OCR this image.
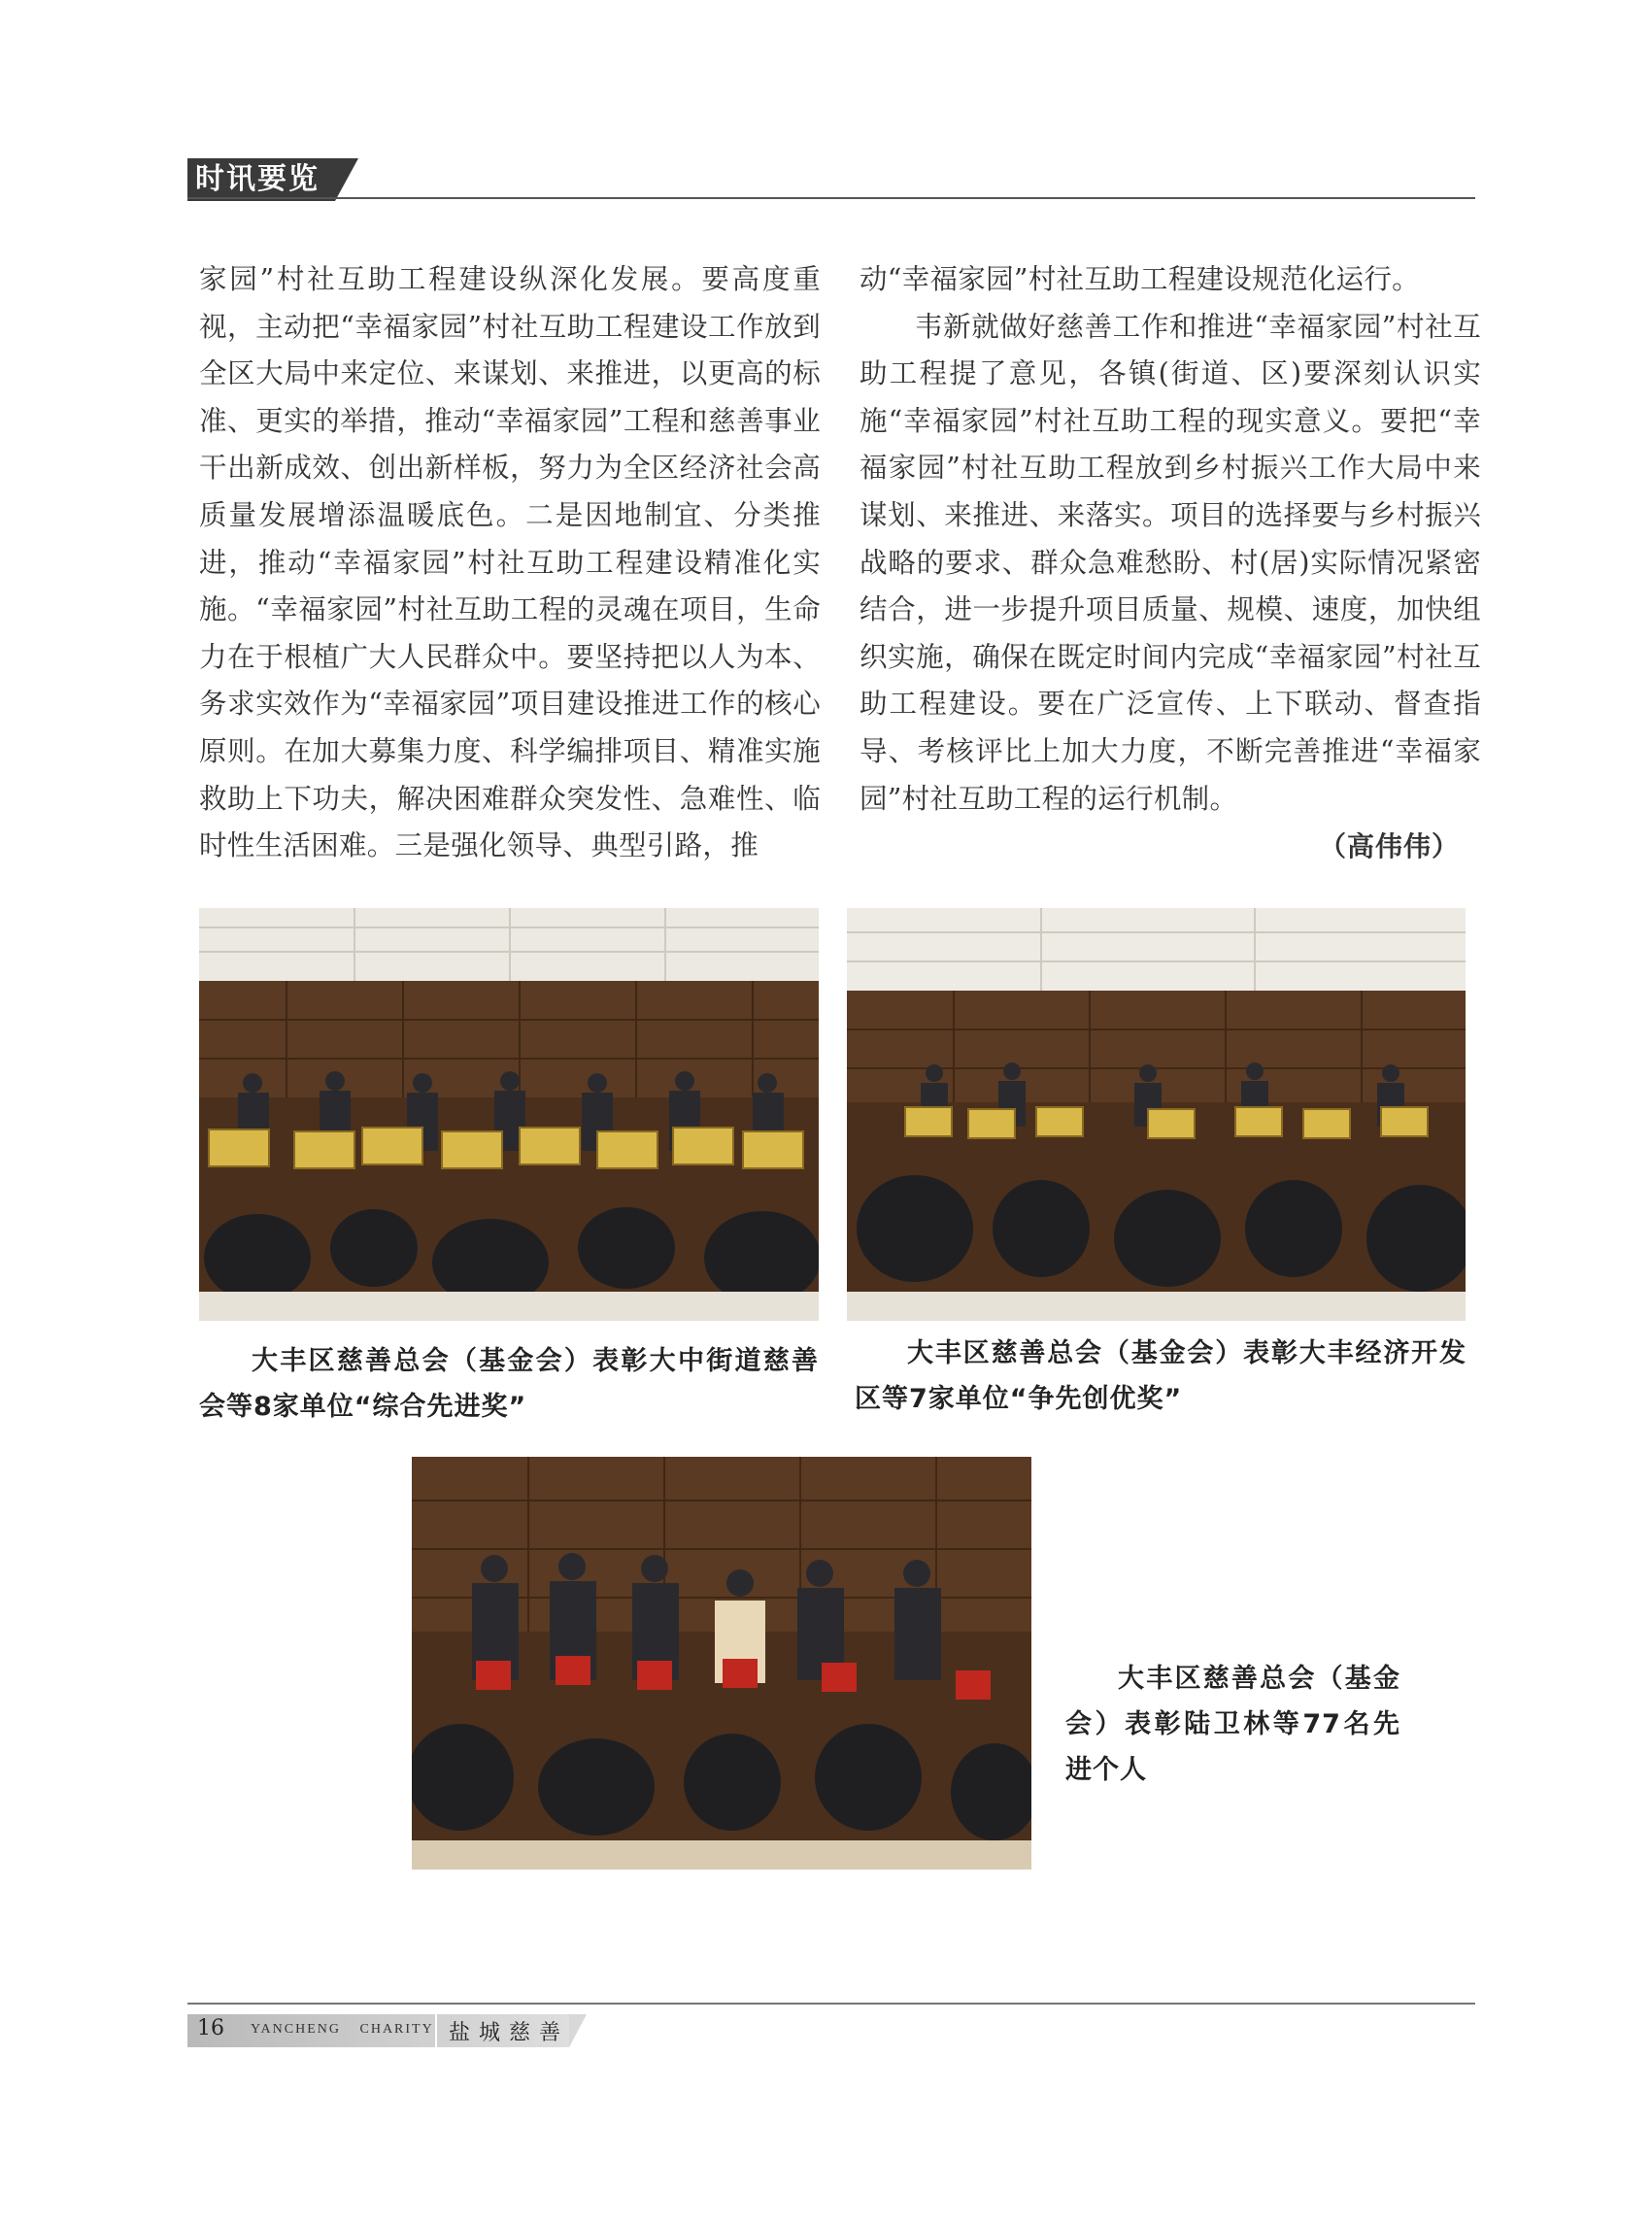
时讯要览

家园”村社互助工程建设纵深化发展。要高度重视，主动把“幸福家园”村社互助工程建设工作放到全区大局中来定位、来谋划、来推进，以更高的标准、更实的举措，推动“幸福家园”工程和慈善事业干出新成效、创出新样板，努力为全区经济社会高质量发展增添温暖底色。二是因地制宜、分类推进，推动“幸福家园”村社互助工程建设精准化实施。“幸福家园”村社互助工程的灵魂在项目，生命力在于根植广大人民群众中。要坚持把以人为本、务求实效作为“幸福家园”项目建设推进工作的核心原则。在加大募集力度、科学编排项目、精准实施救助上下功夫，解决困难群众突发性、急难性、临时性生活困难。三是强化领导、典型引路，推

动“幸福家园”村社互助工程建设规范化运行。

韦新就做好慈善工作和推进“幸福家园”村社互助工程提了意见，各镇(街道、区)要深刻认识实施“幸福家园”村社互助工程的现实意义。要把“幸福家园”村社互助工程放到乡村振兴工作大局中来谋划、来推进、来落实。项目的选择要与乡村振兴战略的要求、群众急难愁盼、村(居)实际情况紧密结合，进一步提升项目质量、规模、速度，加快组织实施，确保在既定时间内完成“幸福家园”村社互助工程建设。要在广泛宣传、上下联动、督查指导、考核评比上加大力度，不断完善推进“幸福家园”村社互助工程的运行机制。

（高伟伟）

大丰区慈善总会（基金会）表彰大中街道慈善会等8家单位“综合先进奖”

大丰区慈善总会（基金会）表彰大丰经济开发区等7家单位“争先创优奖”

大丰区慈善总会（基金会）表彰陆卫林等77名先进个人

16 YANCHENG CHARITY 盐城慈善
